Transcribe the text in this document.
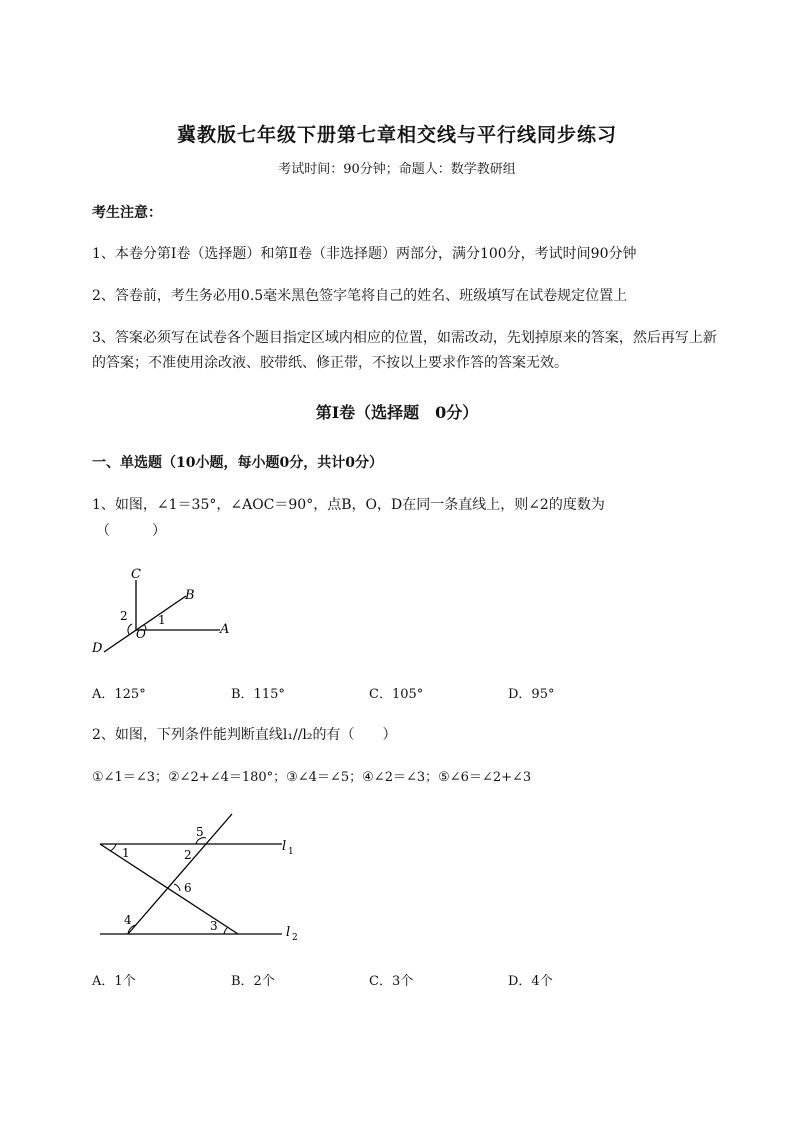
冀教版七年级下册第七章相交线与平行线同步练习
考试时间：90分钟；命题人：数学教研组
考生注意：
1、本卷分第Ⅰ卷（选择题）和第Ⅱ卷（非选择题）两部分，满分100分，考试时间90分钟
2、答卷前，考生务必用0.5毫米黑色签字笔将自己的姓名、班级填写在试卷规定位置上
3、答案必须写在试卷各个题目指定区域内相应的位置，如需改动，先划掉原来的答案，然后再写上新
的答案；不准使用涂改液、胶带纸、修正带，不按以上要求作答的答案无效。
第Ⅰ卷（选择题　0分）
一、单选题（10小题，每小题0分，共计0分）
1、如图，∠1＝35°，∠AOC＝90°，点B，O，D在同一条直线上，则∠2的度数为
（　　　）
C
B
A
D
O
1
2
A．125°	B．115°	C．105°	D．95°
2、如图，下列条件能判断直线l₁//l₂的有（　　）
①∠1＝∠3；②∠2+∠4＝180°；③∠4＝∠5；④∠2＝∠3；⑤∠6＝∠2+∠3
1	2
3
4
5
6
l 1
l 2
A．1个	B．2个	C．3个	D．4个
